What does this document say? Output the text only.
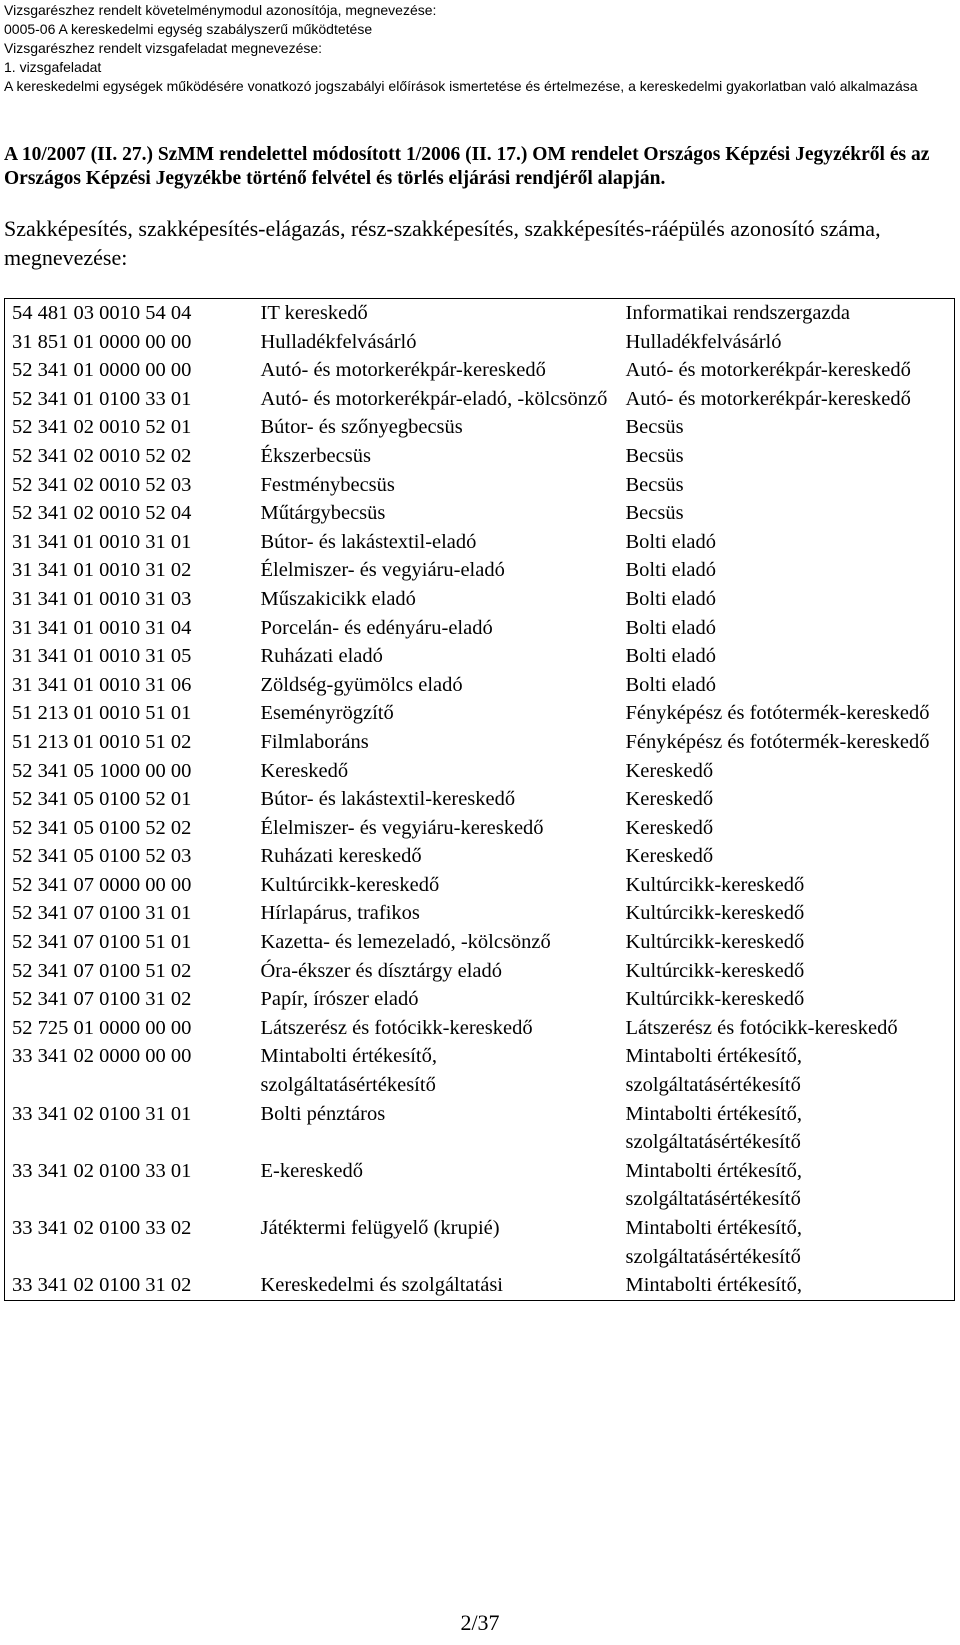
Vizsgarészhez rendelt követelménymodul azonosítója, megnevezése:
0005-06 A kereskedelmi egység szabályszerű működtetése
Vizsgarészhez rendelt vizsgafeladat megnevezése:
1. vizsgafeladat
A kereskedelmi egységek működésére vonatkozó jogszabályi előírások ismertetése és értelmezése, a kereskedelmi gyakorlatban való alkalmazása

A 10/2007 (II. 27.) SzMM rendelettel módosított 1/2006 (II. 17.) OM rendelet Országos Képzési Jegyzékről és az Országos Képzési Jegyzékbe történő felvétel és törlés eljárási rendjéről alapján.

Szakképesítés, szakképesítés-elágazás, rész-szakképesítés, szakképesítés-ráépülés azonosító száma, megnevezése:

54 481 03 0010 54 04	IT kereskedő	Informatikai rendszergazda
31 851 01 0000 00 00	Hulladékfelvásárló	Hulladékfelvásárló
52 341 01 0000 00 00	Autó- és motorkerékpár-kereskedő	Autó- és motorkerékpár-kereskedő
52 341 01 0100 33 01	Autó- és motorkerékpár-eladó, -kölcsönző	Autó- és motorkerékpár-kereskedő
52 341 02 0010 52 01	Bútor- és szőnyegbecsüs	Becsüs
52 341 02 0010 52 02	Ékszerbecsüs	Becsüs
52 341 02 0010 52 03	Festménybecsüs	Becsüs
52 341 02 0010 52 04	Műtárgybecsüs	Becsüs
31 341 01 0010 31 01	Bútor- és lakástextil-eladó	Bolti eladó
31 341 01 0010 31 02	Élelmiszer- és vegyiáru-eladó	Bolti eladó
31 341 01 0010 31 03	Műszakicikk eladó	Bolti eladó
31 341 01 0010 31 04	Porcelán- és edényáru-eladó	Bolti eladó
31 341 01 0010 31 05	Ruházati eladó	Bolti eladó
31 341 01 0010 31 06	Zöldség-gyümölcs eladó	Bolti eladó
51 213 01 0010 51 01	Eseményrögzítő	Fényképész és fotótermék-kereskedő
51 213 01 0010 51 02	Filmlaboráns	Fényképész és fotótermék-kereskedő
52 341 05 1000 00 00	Kereskedő	Kereskedő
52 341 05 0100 52 01	Bútor- és lakástextil-kereskedő	Kereskedő
52 341 05 0100 52 02	Élelmiszer- és vegyiáru-kereskedő	Kereskedő
52 341 05 0100 52 03	Ruházati kereskedő	Kereskedő
52 341 07 0000 00 00	Kultúrcikk-kereskedő	Kultúrcikk-kereskedő
52 341 07 0100 31 01	Hírlapárus, trafikos	Kultúrcikk-kereskedő
52 341 07 0100 51 01	Kazetta- és lemezeladó, -kölcsönző	Kultúrcikk-kereskedő
52 341 07 0100 51 02	Óra-ékszer és dísztárgy eladó	Kultúrcikk-kereskedő
52 341 07 0100 31 02	Papír, írószer eladó	Kultúrcikk-kereskedő
52 725 01 0000 00 00	Látszerész és fotócikk-kereskedő	Látszerész és fotócikk-kereskedő
33 341 02 0000 00 00	Mintabolti értékesítő, szolgáltatásértékesítő	Mintabolti értékesítő, szolgáltatásértékesítő
33 341 02 0100 31 01	Bolti pénztáros	Mintabolti értékesítő, szolgáltatásértékesítő
33 341 02 0100 33 01	E-kereskedő	Mintabolti értékesítő, szolgáltatásértékesítő
33 341 02 0100 33 02	Játéktermi felügyelő (krupié)	Mintabolti értékesítő, szolgáltatásértékesítő
33 341 02 0100 31 02	Kereskedelmi és szolgáltatási	Mintabolti értékesítő,
2/37
